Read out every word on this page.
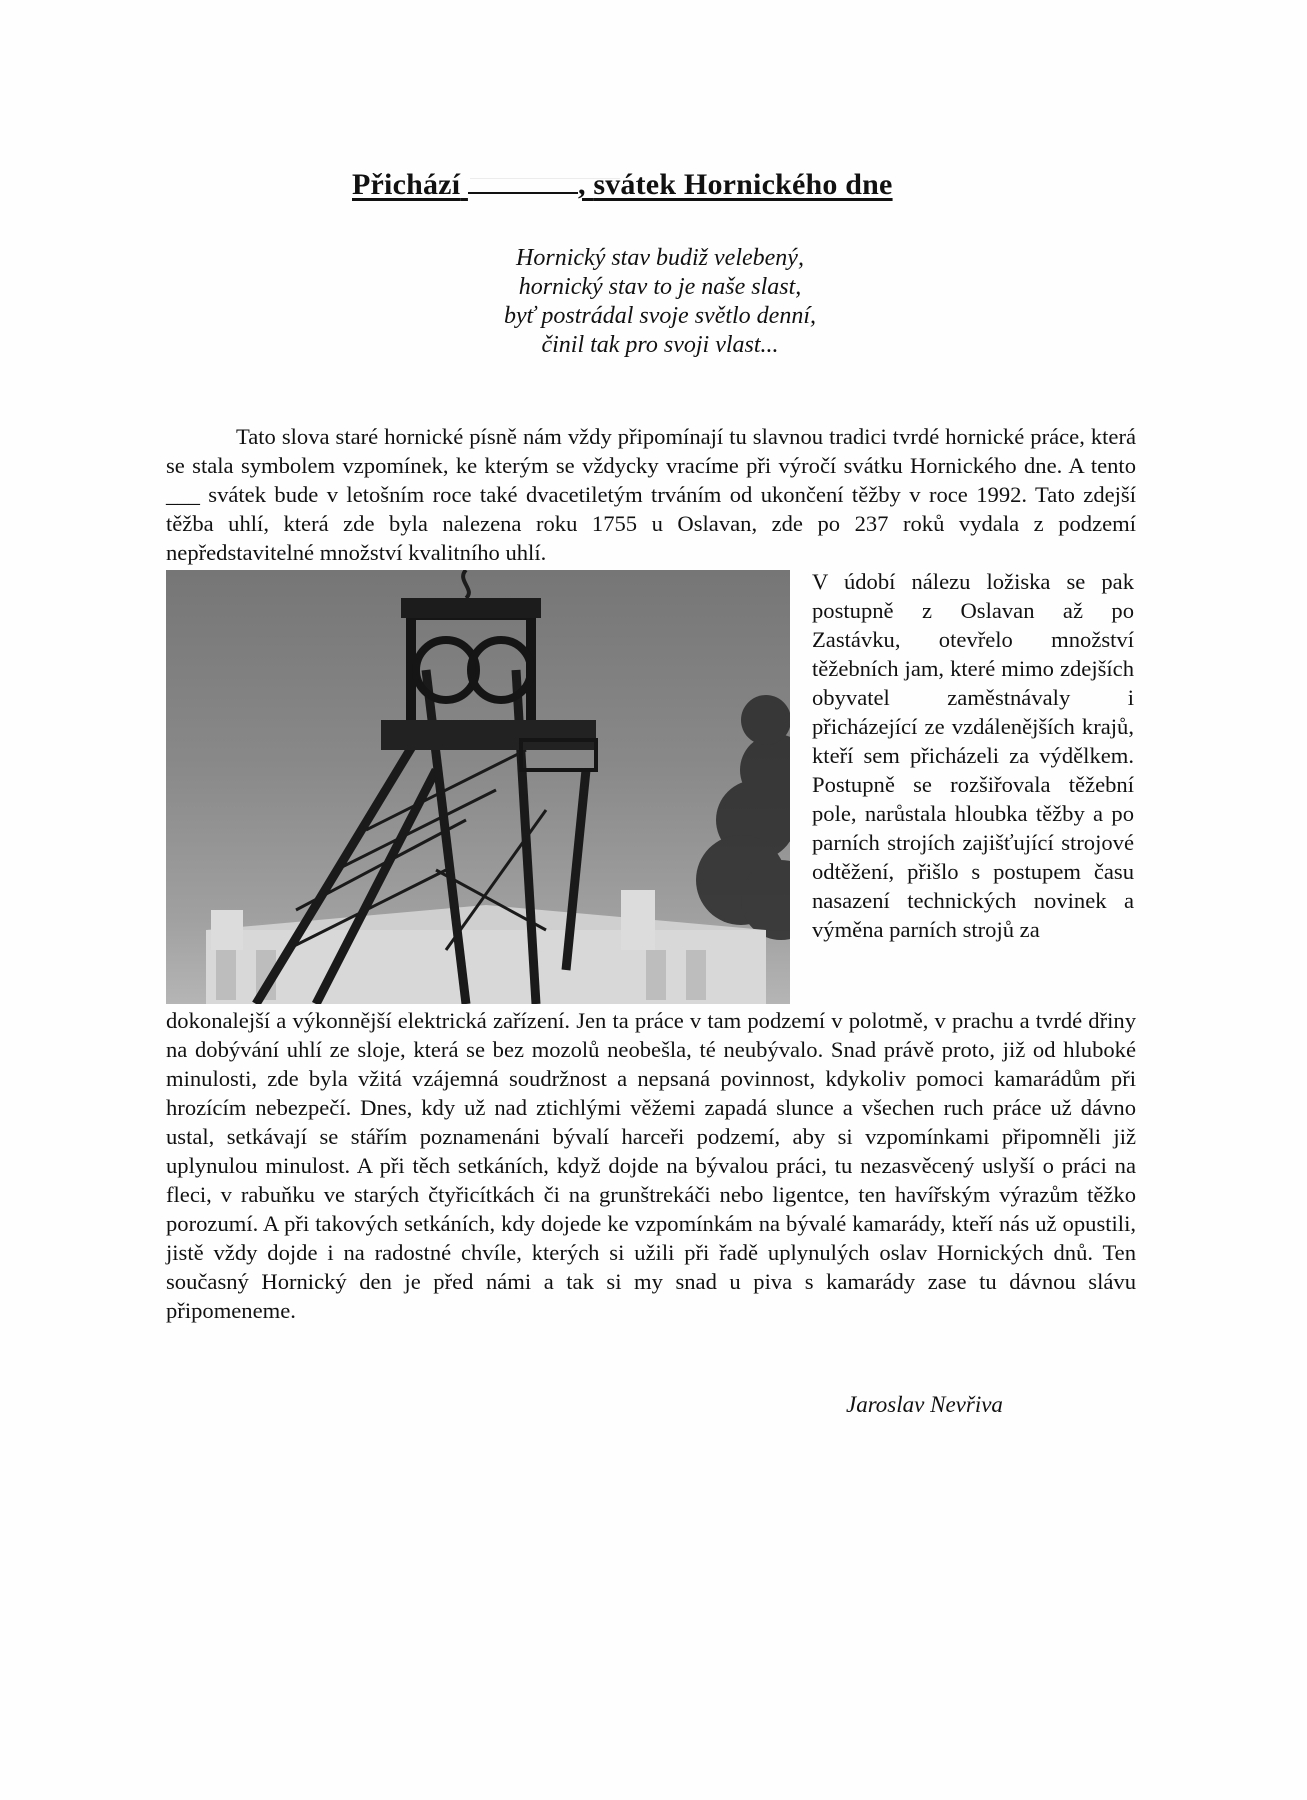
Přichází	, svátek Hornického dne
Hornický stav budiž velebený,
hornický stav to je naše slast,
byť postrádal svoje světlo denní,
činil tak pro svoji vlast...

Tato slova staré hornické písně nám vždy připomínají tu slavnou tradici tvrdé hornické práce, která se stala symbolem vzpomínek, ke kterým se vždycky vracíme při výročí svátku Hornického dne. A tento ___ svátek bude v letošním roce také dvacetiletým trváním od ukončení těžby v roce 1992. Tato zdejší těžba uhlí, která zde byla nalezena roku 1755 u Oslavan, zde po 237 roků vydala z podzemí nepředstavitelné množství kvalitního uhlí.

V údobí nálezu ložiska se pak postupně z Oslavan až po Zastávku, otevřelo množství těžebních jam, které mimo zdejších obyvatel zaměstnávaly i přicházející ze vzdálenějších krajů, kteří sem přicházeli za výdělkem. Postupně se rozšiřovala těžební pole, narůstala hloubka těžby a po parních strojích zajišťující strojové odtěžení, přišlo s postupem času nasazení technických novinek a výměna parních strojů za

dokonalejší a výkonnější elektrická zařízení. Jen ta práce v tam podzemí v polotmě, v prachu a tvrdé dřiny na dobývání uhlí ze sloje, která se bez mozolů neobešla, té neubývalo. Snad právě proto, již od hluboké minulosti, zde byla vžitá vzájemná soudržnost a nepsaná povinnost, kdykoliv pomoci kamarádům při hrozícím nebezpečí. Dnes, kdy už nad ztichlými věžemi zapadá slunce a všechen ruch práce už dávno ustal, setkávají se stářím poznamenáni bývalí harceři podzemí, aby si vzpomínkami připomněli již uplynulou minulost. A při těch setkáních, když dojde na bývalou práci, tu nezasvěcený uslyší o práci na fleci, v rabuňku ve starých čtyřicítkách či na grunštrekáči nebo ligentce, ten havířským výrazům těžko porozumí. A při takových setkáních, kdy dojede ke vzpomínkám na bývalé kamarády, kteří nás už opustili, jistě vždy dojde i na radostné chvíle, kterých si užili při řadě uplynulých oslav Hornických dnů. Ten současný Hornický den je před námi a tak si my snad u piva s kamarády zase tu dávnou slávu připomeneme.

Jaroslav Nevřiva
